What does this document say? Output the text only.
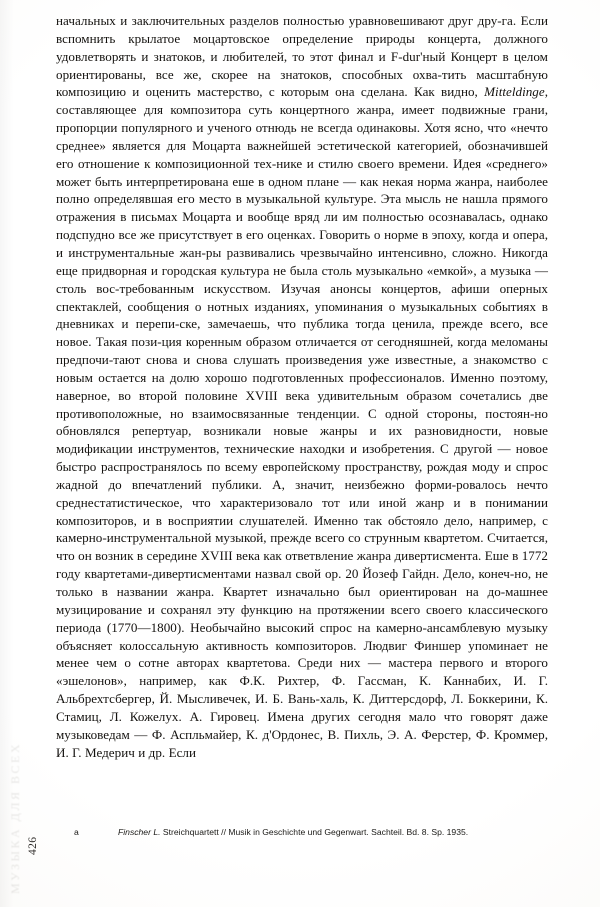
МУЗЫКА ДЛЯ ВСЕХ
начальных и заключительных разделов полностью уравновешивают друг дру-га. Если вспомнить крылатое моцартовское определение природы концерта, должного удовлетворять и знатоков, и любителей, то этот финал и F-dur'ный Концерт в целом ориентированы, все же, скорее на знатоков, способных охва-тить масштабную композицию и оценить мастерство, с которым она сделана. Как видно, Mitteldinge, составляющее для композитора суть концертного жанра, имеет подвижные грани, пропорции популярного и ученого отнюдь не всегда одинаковы. Хотя ясно, что «нечто среднее» является для Моцарта важнейшей эстетической категорией, обозначившей его отношение к композиционной тех-нике и стилю своего времени. Идея «среднего» может быть интерпретирована еше в одном плане — как некая норма жанра, наиболее полно определявшая его место в музыкальной культуре. Эта мысль не нашла прямого отражения в письмах Моцарта и вообще вряд ли им полностью осознавалась, однако подспудно все же присутствует в его оценках. Говорить о норме в эпоху, когда и опера, и инструментальные жан-ры развивались чрезвычайно интенсивно, сложно. Никогда еще придворная и городская культура не была столь музыкально «емкой», а музыка — столь вос-требованным искусством. Изучая анонсы концертов, афиши оперных спектаклей, сообщения о нотных изданиях, упоминания о музыкальных событиях в дневниках и перепи-ске, замечаешь, что публика тогда ценила, прежде всего, все новое. Такая пози-ция коренным образом отличается от сегодняшней, когда меломаны предпочи-тают снова и снова слушать произведения уже известные, а знакомство с новым остается на долю хорошо подготовленных профессионалов. Именно поэтому, наверное, во второй половине XVIII века удивительным образом сочетались две противоположные, но взаимосвязанные тенденции. С одной стороны, постоян-но обновлялся репертуар, возникали новые жанры и их разновидности, новые модификации инструментов, технические находки и изобретения. С другой — новое быстро распространялось по всему европейскому пространству, рождая моду и спрос жадной до впечатлений публики. А, значит, неизбежно форми-ровалось нечто среднестатистическое, что характеризовало тот или иной жанр и в понимании композиторов, и в восприятии слушателей. Именно так обстояло дело, например, с камерно-инструментальной музыкой, прежде всего со струнным квартетом. Считается, что он возник в середине XVIII века как ответвление жанра дивертисмента. Еше в 1772 году квартетами-дивертисментами назвал свой ор. 20 Йозеф Гайдн. Дело, конеч-но, не только в названии жанра. Квартет изначально был ориентирован на до-машнее музицирование и сохранял эту функцию на протяжении всего своего классического периода (1770—1800). Необычайно высокий спрос на камерно-ансамблевую музыку объясняет колоссальную активность композиторов. Людвиг Финшер упоминает не менее чем о сотне авторах квартетовa. Среди них — мастера первого и второго «эшелонов», например, как Ф.К. Рихтер, Ф. Гассман, К. Каннабих, И. Г. Альбрехтсбергер, Й. Мысливечек, И. Б. Вань-халь, К. Диттерсдорф, Л. Боккерини, К. Стамиц, Л. Кожелух. А. Гировец. Имена других сегодня мало что говорят даже музыковедам — Ф. Аспльмайер, К. д'Ордонес, В. Пихль, Э. А. Ферстер, Ф. Кроммер, И. Г. Медерич и др. Если
a	Finscher L. Streichquartett // Musik in Geschichte und Gegenwart. Sachteil. Bd. 8. Sp. 1935.
426
